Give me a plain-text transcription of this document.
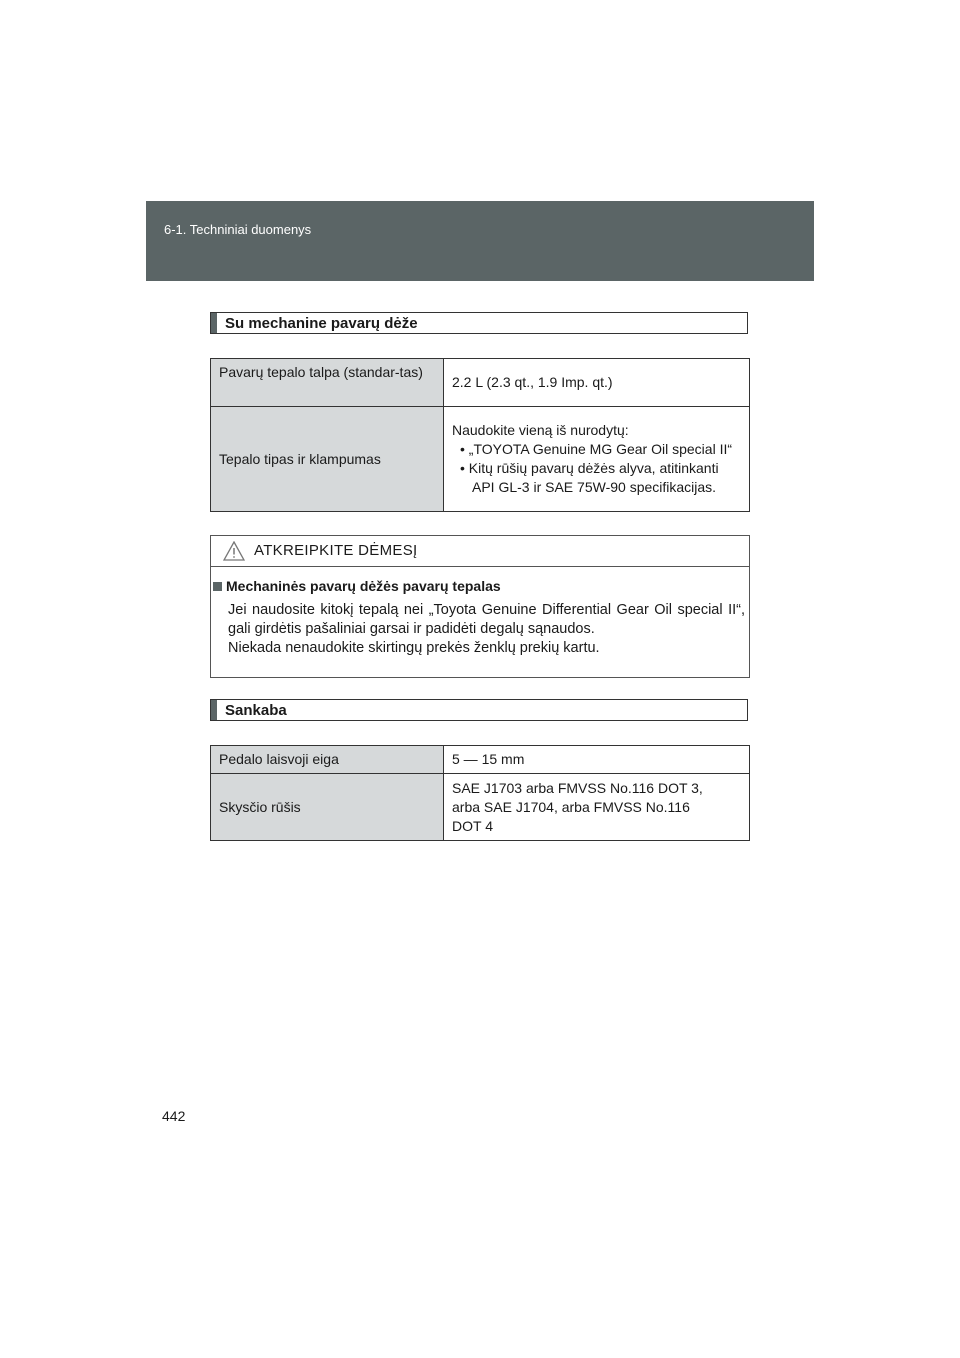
6-1. Techniniai duomenys
Su mechanine pavarų dėže
Pavarų tepalo talpa (standar-tas)	2.2 L (2.3 qt., 1.9 Imp. qt.)
Tepalo tipas ir klampumas	Naudokite vieną iš nurodytų:
• „TOYOTA Genuine MG Gear Oil special II“
• Kitų rūšių pavarų dėžės alyva, atitinkanti API GL-3 ir SAE 75W-90 specifikacijas.
ATKREIPKITE DĖMESĮ
Mechaninės pavarų dėžės pavarų tepalas
Jei naudosite kitokį tepalą nei „Toyota Genuine Differential Gear Oil special II“, gali girdėtis pašaliniai garsai ir padidėti degalų sąnaudos.
Niekada nenaudokite skirtingų prekės ženklų prekių kartu.
Sankaba
Pedalo laisvoji eiga	5 — 15 mm
Skysčio rūšis	SAE J1703 arba FMVSS No.116 DOT 3, arba SAE J1704, arba FMVSS No.116 DOT 4
442
